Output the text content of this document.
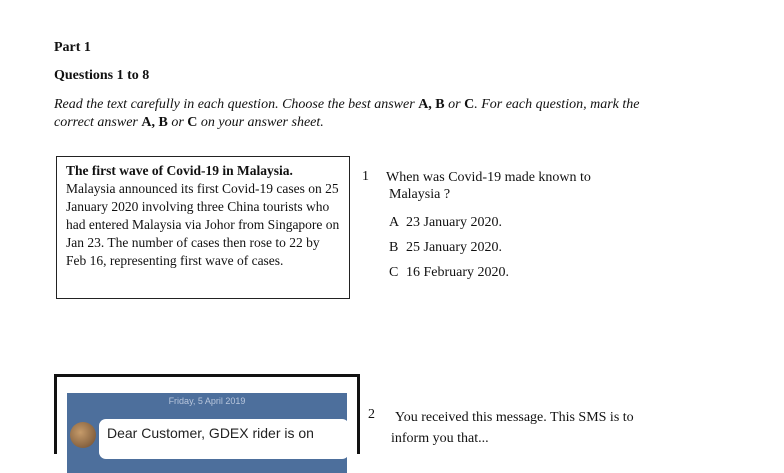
Part 1
Questions 1 to 8
Read the text carefully in each question. Choose the best answer A, B or C. For each question, mark the correct answer A, B or C on your answer sheet.
The first wave of Covid-19 in Malaysia.
Malaysia announced its first Covid-19 cases on 25 January 2020 involving three China tourists who had entered Malaysia via Johor from Singapore on Jan 23. The number of cases then rose to 22 by Feb 16, representing first wave of cases.
1 When was Covid-19 made known to
Malaysia ?
A 23 January 2020.
B 25 January 2020.
C 16 February 2020.
Friday, 5 April 2019
Dear Customer, GDEX rider is on
2 You received this message. This SMS is to
inform you that...
